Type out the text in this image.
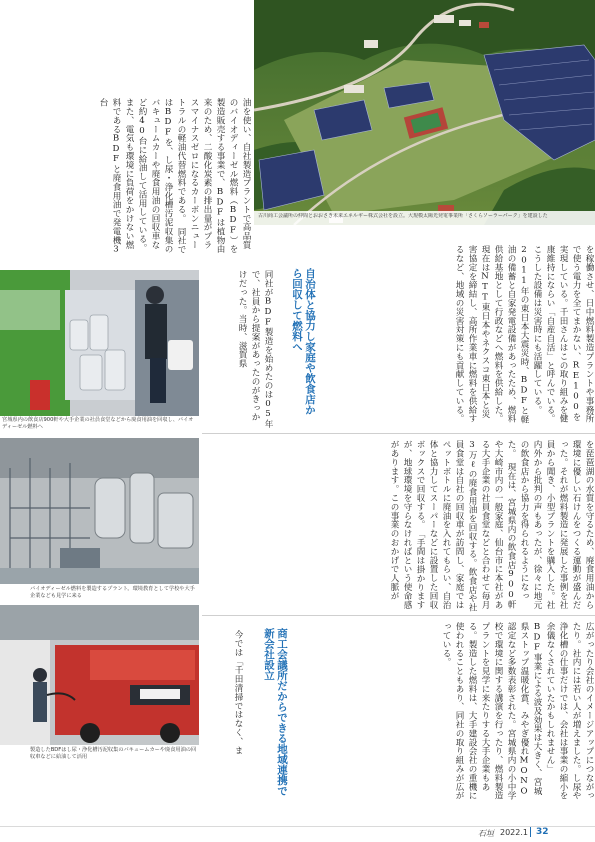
油を使い、自社製造プラントで高品質のバイオディーゼル燃料（BDF）を製造販売する事業で、BDFは植物由来のため、二酸化炭素の排出量がプラスマイナスゼロになるカーボンニュートラルの軽油代替燃料である。　同社ではBDFを、し尿・浄化槽汚泥収集のバキュームカーや廃食用油の回収車など約40台に給油して活用している。また、電気も環境に負荷をかけない燃料であるBDFと廃食用油で発電機3台

古川商工会議所の仲間とおおさき未来エネルギー株式会社を設立。大規模太陽光発電事業所「さくらソーラーパーク」を建設した

を稼働させ、日中燃料製造プラントや事務所で使う電力を全てまかない、RE100を実現している。千田さんはこの取り組みを健康維持にならい「自産自活」と呼んでいる。　こうした設備は災害時にも活躍している。2011年の東日本大震災時、BDFと軽油の備蓄と自家発電設備があったため、燃料供給基地として行政などへ燃料を供給した。現在はNTT東日本やネクスコ東日本と災害協定を締結し、高所作業車に燃料を供給するなど、地域の災害対策にも貢献している。

自治体と協力し家庭や飲食店から回収して燃料へ

同社がBDF製造を始めたのは05年で、社員から提案があったのがきっかけだった。当時、滋賀県

を琵琶湖の水質を守るため、廃食用油から環境に優しい石けんをつくる運動が盛んだった。それが燃料製造に発展した事例を社員から聞き、小型プラントを購入した。社内外から批判の声もあったが、徐々に地元の飲食店から協力を得られるようになった。　現在は、宮城県内の飲食店900軒や大崎市内の一般家庭、仙台市に本社がある大手企業の社員食堂などと合わせて毎月3万ℓの廃食用油を回収する。飲食店や社員食堂は自社の回収車が訪問し、家庭ではペットボトルに廃油を入れてもらい、自治体と協力してスーパーなどに設置した回収ボックスで回収する。　「手間は掛かりますが、地球環境を守らなければという使命感があります。この事業のおかげで人脈が

広がったり会社のイメージアップにつながったり。社内には若い人が増えました。し尿や浄化槽の仕事だけでは、会社は事業の縮小を余儀なくされていたかもしれません」　BDF事業による波及効果は大きく、宮城県ストップ温暖化賞、みやぎ優れMONO認定など多数表彰された。宮城県内の小中学校で環境に関する講演を行ったり、燃料製造プラントを見学に来たりする大手企業もある。製造した燃料は、大手建設会社の重機に使われることもあり、同社の取り組みが広がっている。

商工会議所だからできる地域連携で新会社設立

今では「千田清掃ではなく、ま

宮城県内の飲食店900軒や大手企業の社員食堂などから廃食用油を回収し、バイオディーゼル燃料へ
バイオディーゼル燃料を製造するプラント。環境教育として学校や大手企業なども見学に来る
製造したBDFはし尿・浄化槽汚泥収集のバキュームカーや廃食用油の回収車などに給油して活用
石垣 2022.1 32
